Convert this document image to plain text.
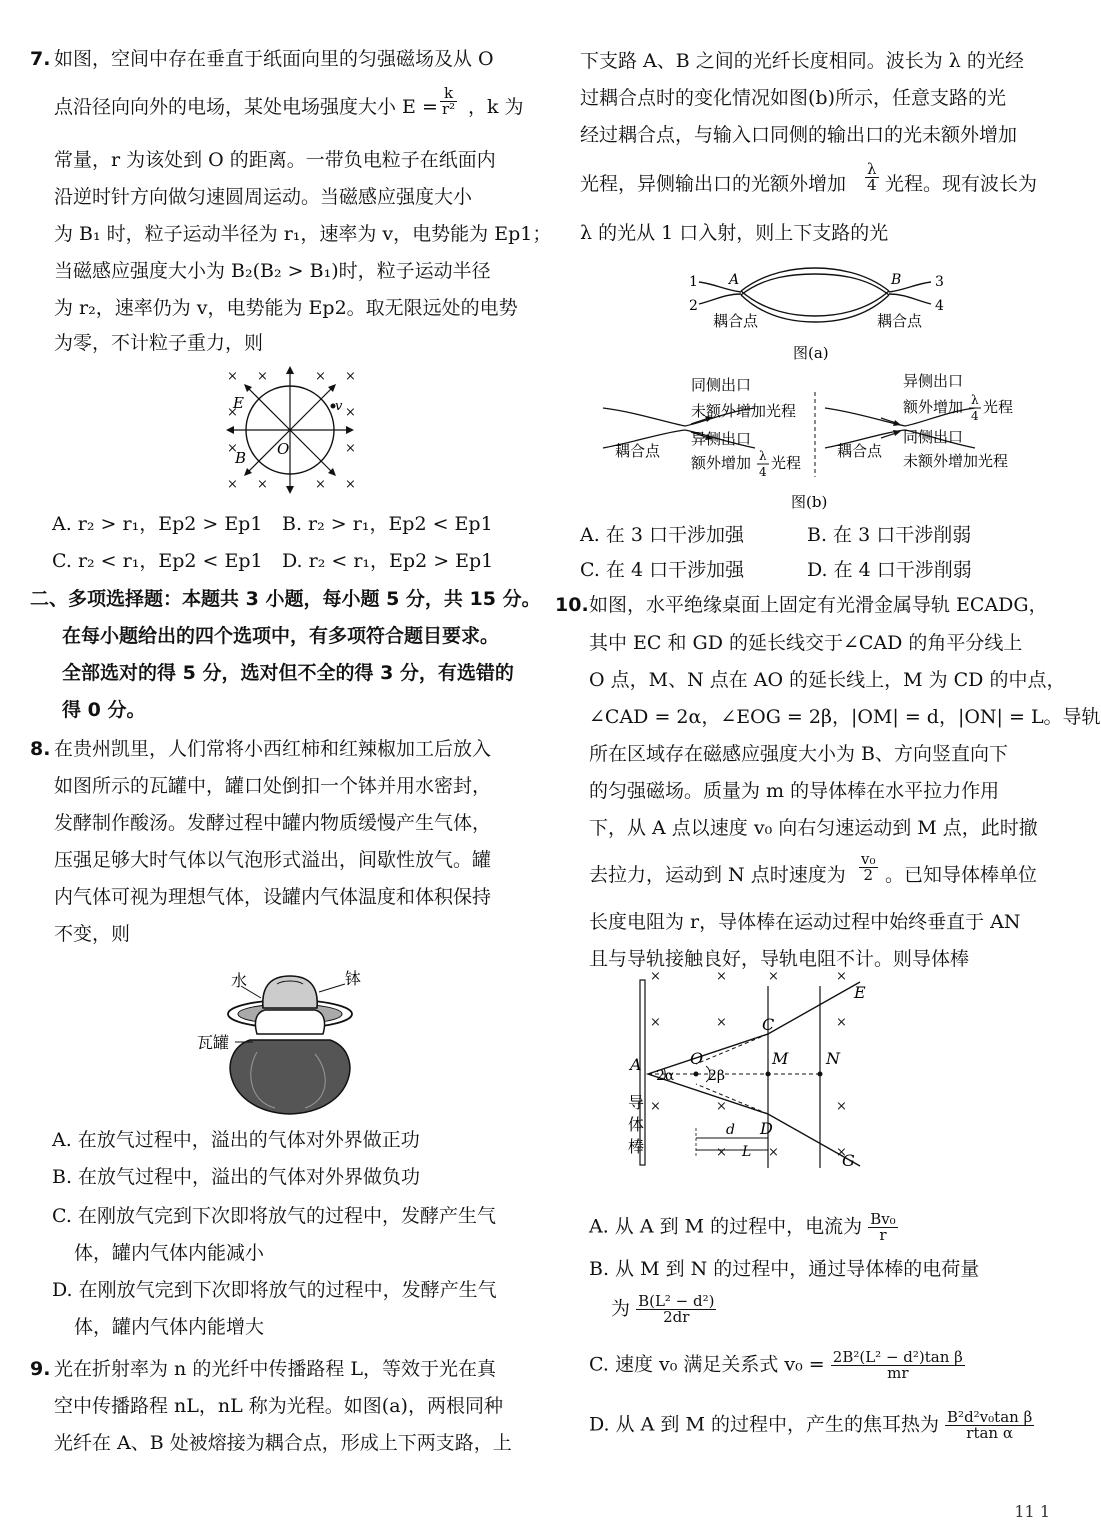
7. 如图，空间中存在垂直于纸面向里的匀强磁场及从 O
点沿径向向外的电场，某处电场强度大小 $E = \frac{k}{\text{r²}}$ ，k 为
常量，r 为该处到 O 的距离。一带负电粒子在纸面内
沿逆时针方向做匀速圆周运动。当磁感应强度大小
为 B₁ 时，粒子运动半径为 r₁，速率为 v，电势能为 Ep1；
当磁感应强度大小为 B₂(B₂ > B₁)时，粒子运动半径
为 r₂，速率仍为 v，电势能为 Ep2。取无限远处的电势
为零，不计粒子重力，则
× ×	× ×
×	×
×	×
× ×	× ×
E
B O
v
A. r₂ > r₁，Ep2 > Ep1 B. r₂ > r₁，Ep2 < Ep1
C. r₂ < r₁，Ep2 < Ep1 D. r₂ < r₁，Ep2 > Ep1
二、多项选择题：本题共 3 小题，每小题 5 分，共 15 分。
在每小题给出的四个选项中，有多项符合题目要求。
全部选对的得 5 分，选对但不全的得 3 分，有选错的
得 0 分。
8. 在贵州凯里，人们常将小西红柿和红辣椒加工后放入
如图所示的瓦罐中，罐口处倒扣一个钵并用水密封，
发酵制作酸汤。发酵过程中罐内物质缓慢产生气体，
压强足够大时气体以气泡形式溢出，间歇性放气。罐
内气体可视为理想气体，设罐内气体温度和体积保持
不变，则
水	钵
瓦罐
A. 在放气过程中，溢出的气体对外界做正功
B. 在放气过程中，溢出的气体对外界做负功
C. 在刚放气完到下次即将放气的过程中，发酵产生气
体，罐内气体内能减小
D. 在刚放气完到下次即将放气的过程中，发酵产生气
体，罐内气体内能增大
9. 光在折射率为 n 的光纤中传播路程 L，等效于光在真
空中传播路程 nL，nL 称为光程。如图(a)，两根同种
光纤在 A、B 处被熔接为耦合点，形成上下两支路，上
下支路 A、B 之间的光纤长度相同。波长为 λ 的光经
过耦合点时的变化情况如图(b)所示，任意支路的光
经过耦合点，与输入口同侧的输出口的光未额外增加
光程，异侧输出口的光额外增加 $\frac{\lambda}{4}$ 光程。现有波长为
λ 的光从 1 口入射，则上下支路的光
1
2
3
4
A	B
耦合点	耦合点
图(a)
同侧出口
未额外增加光程
异侧出口
额外增加 λ
4 光程
耦合点
异侧出口
额外增加 λ
4 光程
同侧出口
未额外增加光程
耦合点
图(b)
A. 在 3 口干涉加强	B. 在 3 口干涉削弱
C. 在 4 口干涉加强	D. 在 4 口干涉削弱
10. 如图，水平绝缘桌面上固定有光滑金属导轨 ECADG，
其中 EC 和 GD 的延长线交于∠CAD 的角平分线上
O 点，M、N 点在 AO 的延长线上，M 为 CD 的中点，
∠CAD = 2α，∠EOG = 2β，|OM| = d，|ON| = L。导轨
所在区域存在磁感应强度大小为 B、方向竖直向下
的匀强磁场。质量为 m 的导体棒在水平拉力作用
下，从 A 点以速度 v₀ 向右匀速运动到 M 点，此时撤
去拉力，运动到 N 点时速度为 $\frac{\text{v₀}}{2}$ 。已知导体棒单位
长度电阻为 r，导体棒在运动过程中始终垂直于 AN
且与导轨接触良好，导轨电阻不计。则导体棒
×	×	×	×
×	×	×
×	×	×
×	×	×
E
G
C
D
A	O	M N
2α 2β
d
L
导
体
棒
A. 从 A 到 M 的过程中，电流为 $\frac{\text{Bv₀}}{r}$
B. 从 M 到 N 的过程中，通过导体棒的电荷量
为 $\frac{\text{B(L² − d²)}}{2dr}$
C. 速度 v₀ 满足关系式 $v_0 = \frac{\text{2B²(L² − d²)tan β}}{mr}$
D. 从 A 到 M 的过程中，产生的焦耳热为 $\frac{\text{B²d²v₀tan β}}{\text{rtan α}}$
11 1
